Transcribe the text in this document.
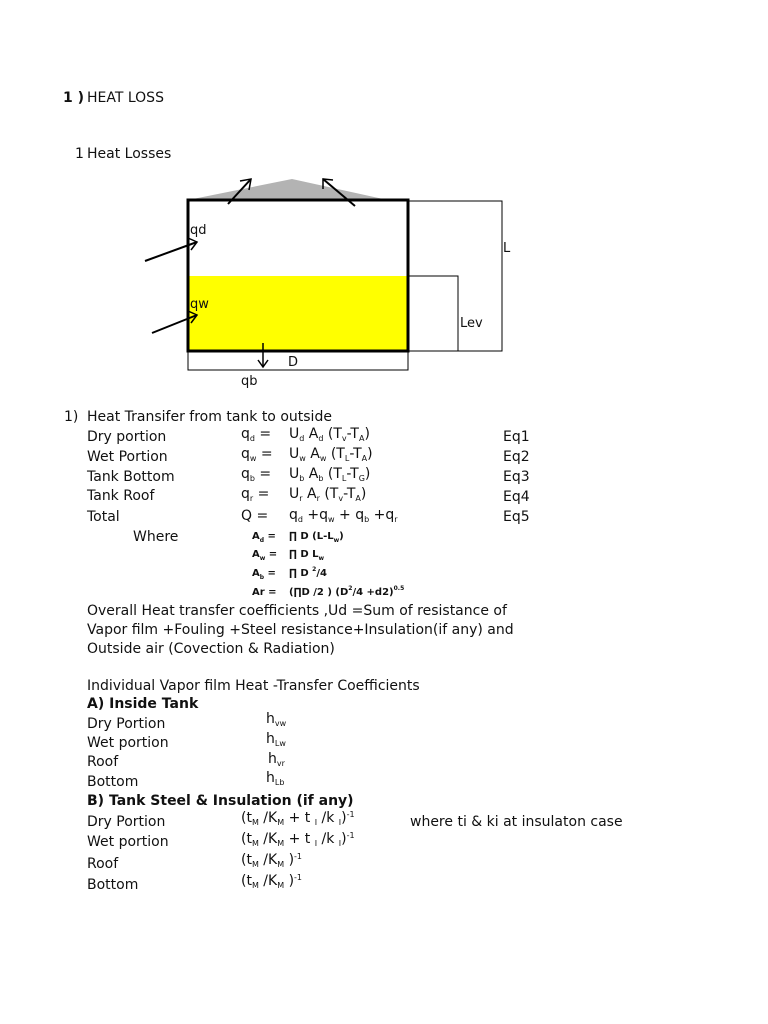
1 ) HEAT LOSS
1 Heat Losses
qd
qw
qb
D
L
Lev
1) Heat Transifer from tank to outside
Dry portion
Wet Portion
Tank Bottom
Tank Roof
Total
$q_d$ =
$q_w$ =
$q_b$ =
$q_r$ =
Q =
$U_d$ $A_d$ $(T_v-T_A)$
$U_w$ $A_w$ $(T_L-T_A)$
$U_b$ $A_b$ $(T_L-T_G)$
$U_r$ $A_r$ $(T_v-T_A)$
$q_d +q_w + q_b +q_r$
Eq1
Eq2
Eq3
Eq4
Eq5
Where	$A_d$ =
$A_w$ =
$A_b$ =
Ar =
∏ D $(L-L_w)$
∏ D $L_w$
∏ D $^2$/4
(∏D /2 ) $(D^2/4 +d2)^{0.5}$
Overall Heat transfer coefficients ,Ud =Sum of resistance of
Vapor film +Fouling +Steel resistance+Insulation(if any) and
Outside air (Covection & Radiation)
Individual Vapor film Heat -Transfer Coefficients
A) Inside Tank
Dry Portion
Wet portion
Roof
Bottom
$h_{vw}$
$h_{Lw}$
$h_{vr}$
$h_{Lb}$
B) Tank Steel & Insulation (if any)
Dry Portion
Wet portion
Roof
Bottom
($t_M$ $/K_M + t$ $_I$ /k $_I$)$^{-1}$
($t_M$ $/K_M + t$ $_I$ /k $_I$)$^{-1}$
($t_M$ $/K_M$ )$^{-1}$
($t_M$ $/K_M$ )$^{-1}$
where ti & ki at insulaton case
